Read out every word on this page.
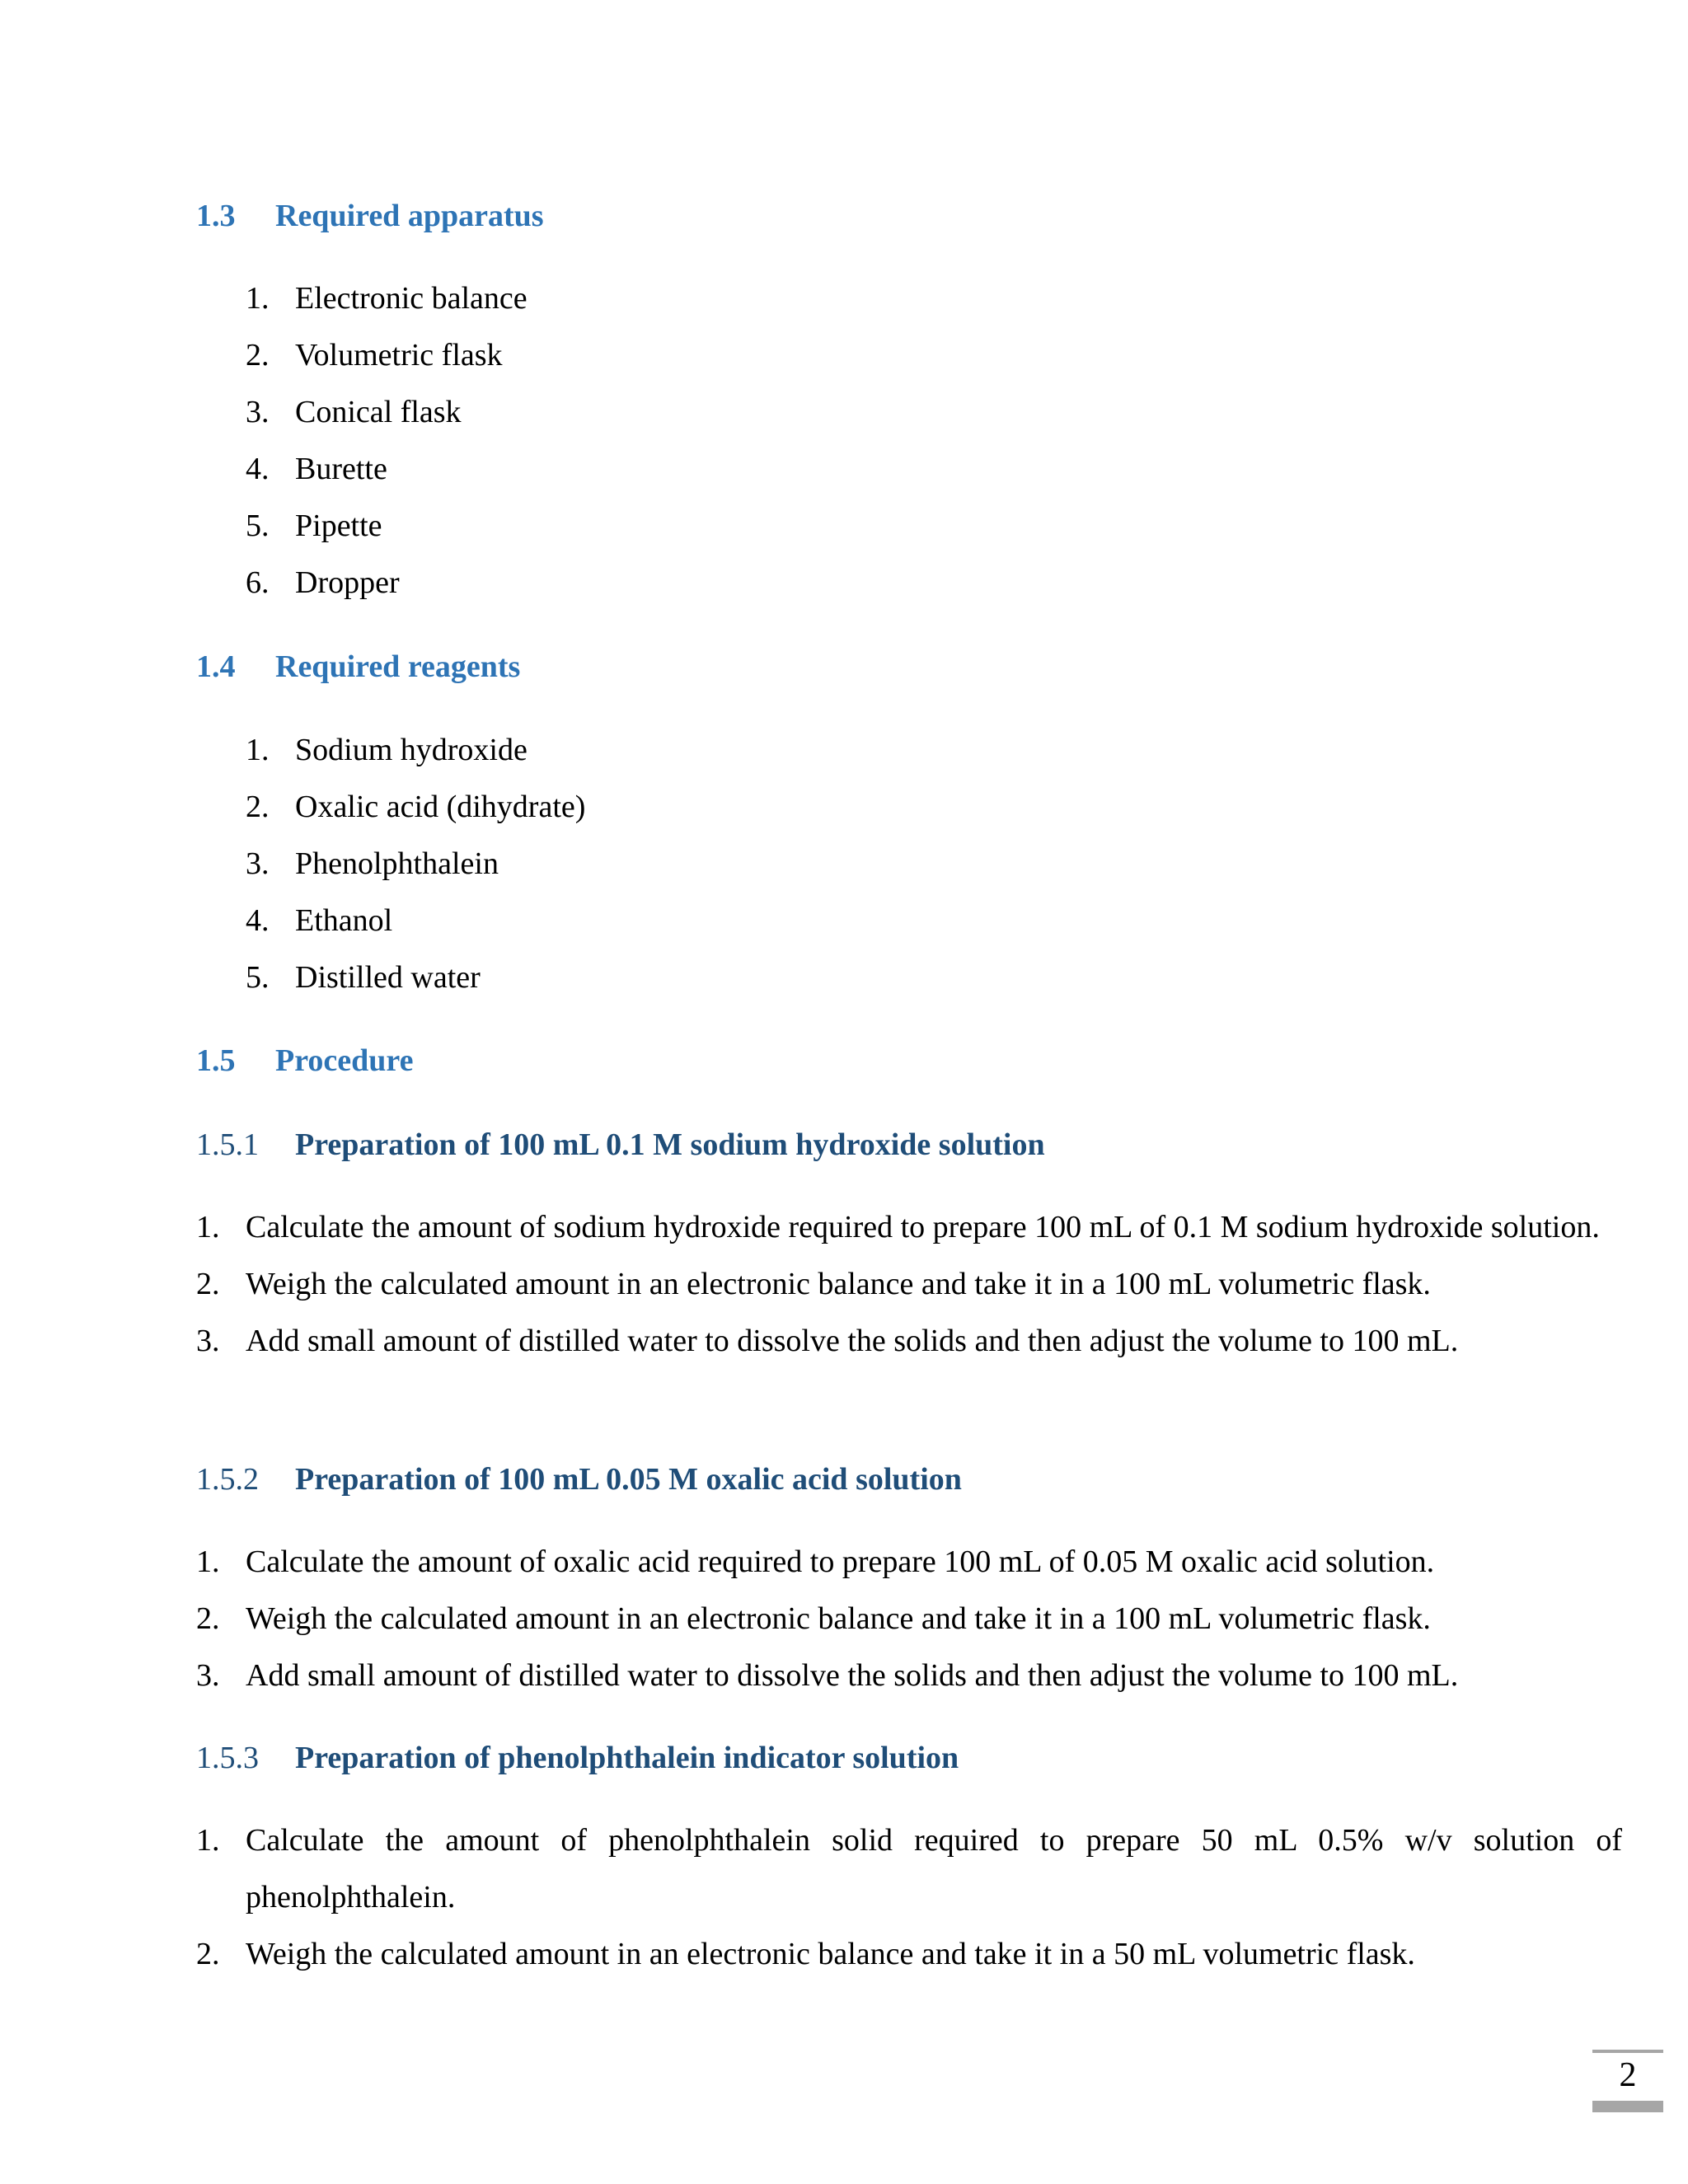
1.3 Required apparatus
1. Electronic balance
2. Volumetric flask
3. Conical flask
4. Burette
5. Pipette
6. Dropper
1.4 Required reagents
1. Sodium hydroxide
2. Oxalic acid (dihydrate)
3. Phenolphthalein
4. Ethanol
5. Distilled water
1.5 Procedure
1.5.1 Preparation of 100 mL 0.1 M sodium hydroxide solution
1. Calculate the amount of sodium hydroxide required to prepare 100 mL of 0.1 M sodium hydroxide solution.
2. Weigh the calculated amount in an electronic balance and take it in a 100 mL volumetric flask.
3. Add small amount of distilled water to dissolve the solids and then adjust the volume to 100 mL.
1.5.2 Preparation of 100 mL 0.05 M oxalic acid solution
1. Calculate the amount of oxalic acid required to prepare 100 mL of 0.05 M oxalic acid solution.
2. Weigh the calculated amount in an electronic balance and take it in a 100 mL volumetric flask.
3. Add small amount of distilled water to dissolve the solids and then adjust the volume to 100 mL.
1.5.3 Preparation of phenolphthalein indicator solution
1. Calculate the amount of phenolphthalein solid required to prepare 50 mL 0.5% w/v solution of phenolphthalein.
2. Weigh the calculated amount in an electronic balance and take it in a 50 mL volumetric flask.
2
